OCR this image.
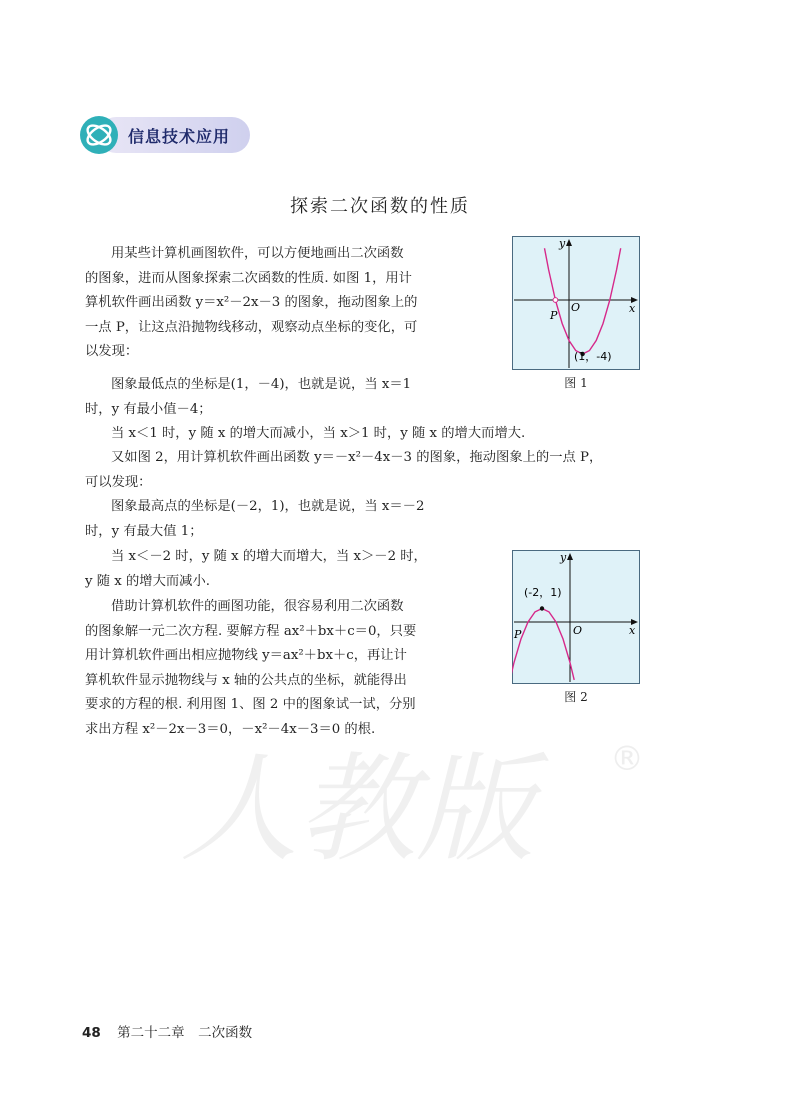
信息技术应用
探索二次函数的性质
用某些计算机画图软件，可以方便地画出二次函数
的图象，进而从图象探索二次函数的性质. 如图 1，用计
算机软件画出函数 y＝x²－2x－3 的图象，拖动图象上的
一点 P，让这点沿抛物线移动，观察动点坐标的变化，可
以发现：
图象最低点的坐标是(1，－4)，也就是说，当 x＝1
时，y 有最小值－4；
当 x＜1 时，y 随 x 的增大而减小，当 x＞1 时，y 随 x 的增大而增大.
又如图 2，用计算机软件画出函数 y＝－x²－4x－3 的图象，拖动图象上的一点 P，
可以发现：
图象最高点的坐标是(－2，1)，也就是说，当 x＝－2
时，y 有最大值 1；
当 x＜－2 时，y 随 x 的增大而增大，当 x＞－2 时，
y 随 x 的增大而减小.
借助计算机软件的画图功能，很容易利用二次函数
的图象解一元二次方程. 要解方程 ax²＋bx＋c＝0，只要
用计算机软件画出相应抛物线 y＝ax²＋bx＋c，再让计
算机软件显示抛物线与 x 轴的公共点的坐标，就能得出
要求的方程的根. 利用图 1、图 2 中的图象试一试，分别
求出方程 x²－2x－3＝0，－x²－4x－3＝0 的根.
y
x
O
P
(1，-4)
图 1
y
x
O
P
(-2，1)
图 2
人教版	®
48 第二十二章　二次函数
